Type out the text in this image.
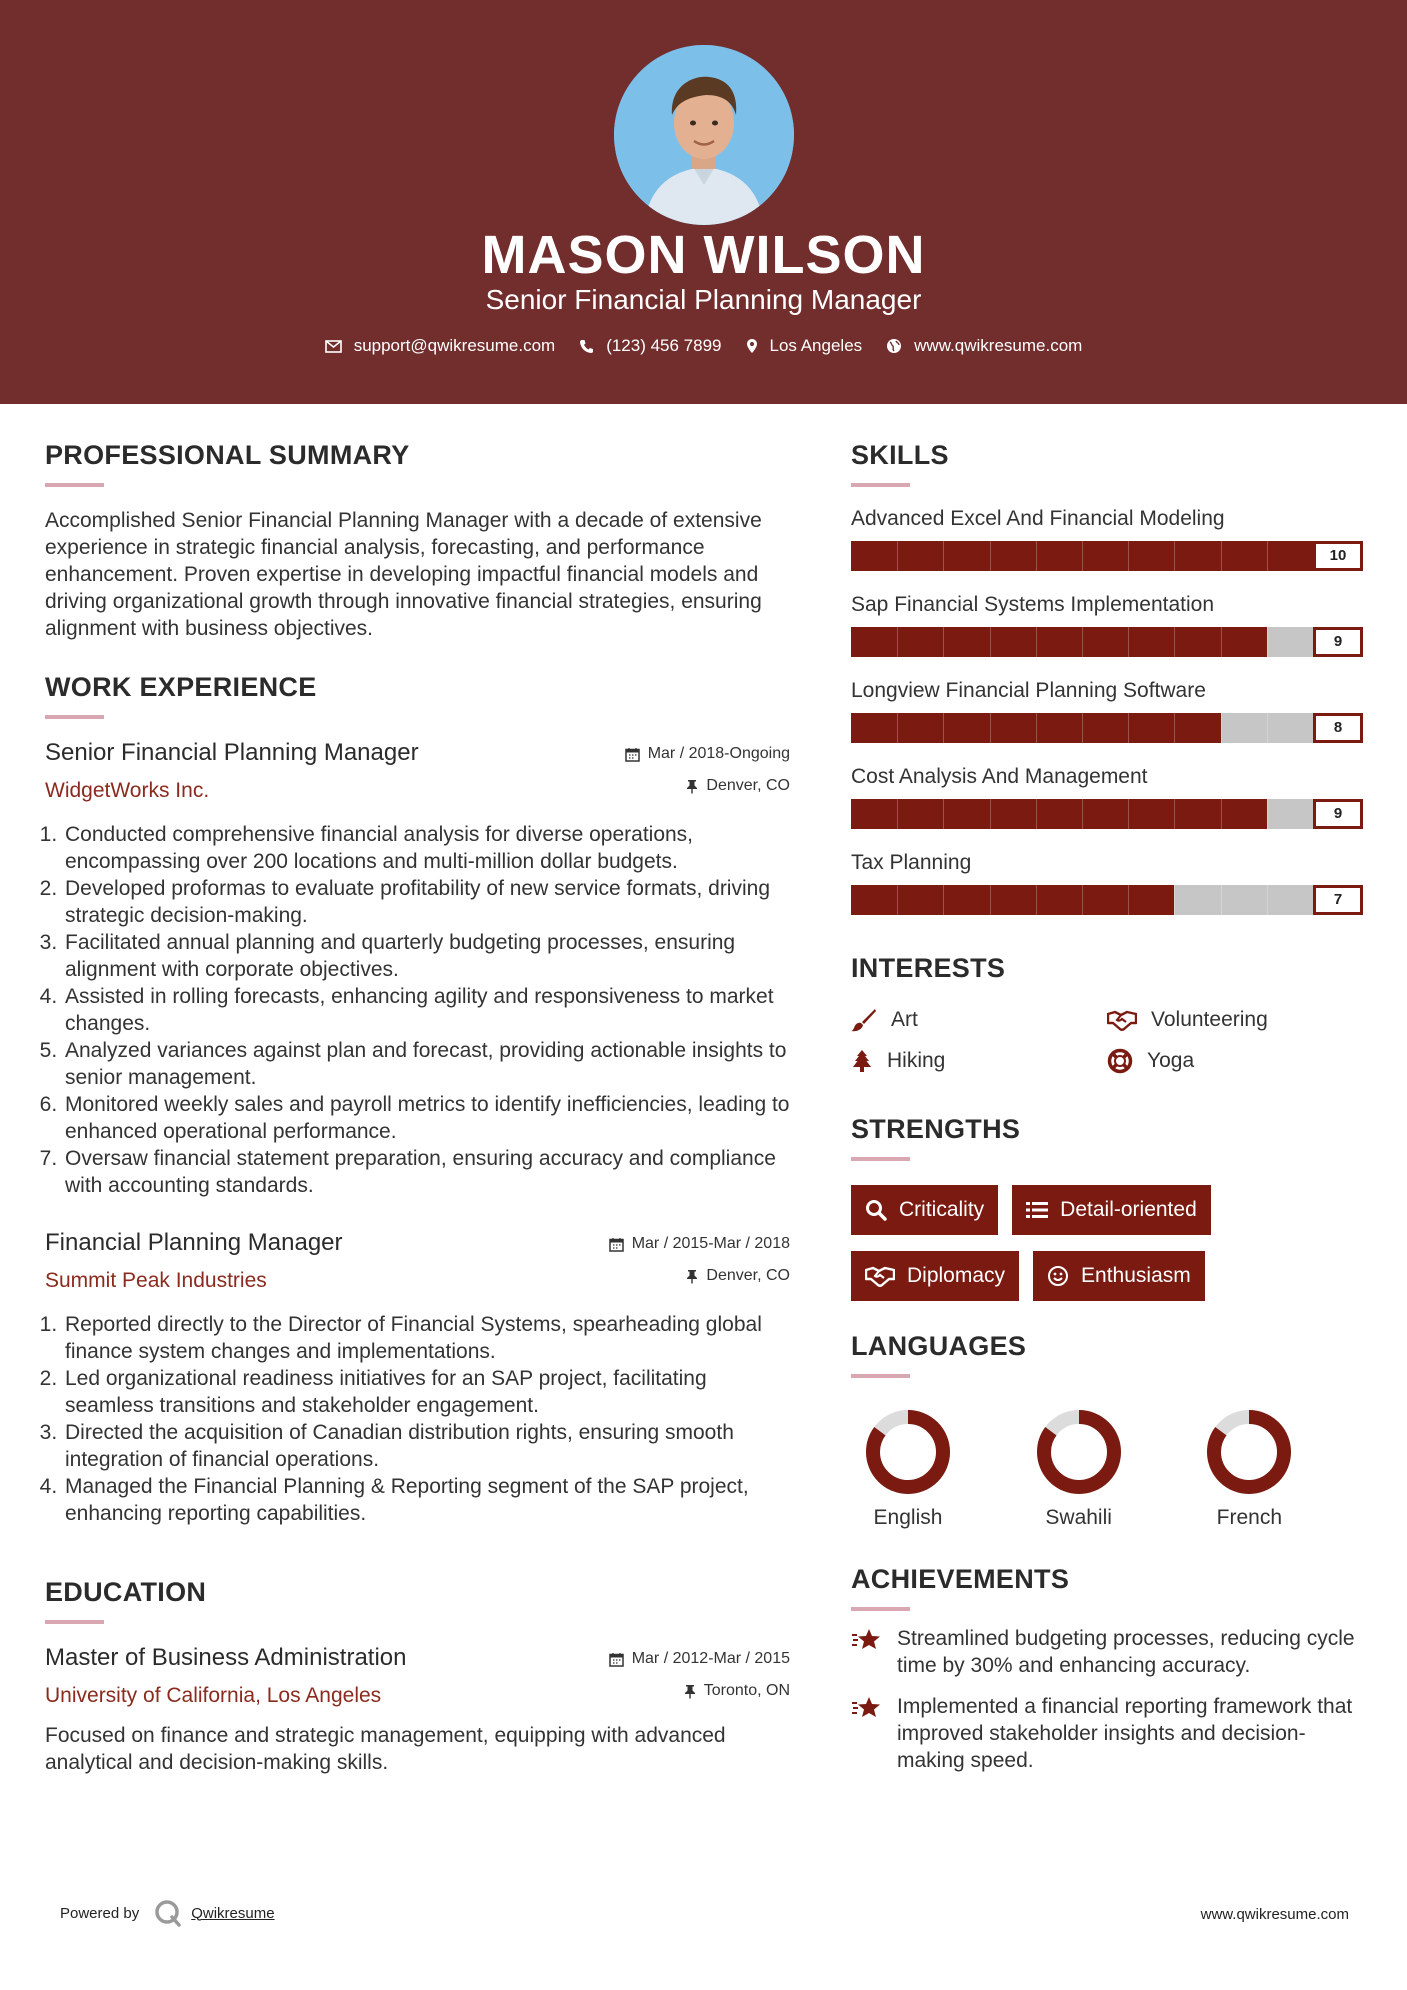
MASON WILSON
Senior Financial Planning Manager
support@qwikresume.com	(123) 456 7899	Los Angeles	www.qwikresume.com
PROFESSIONAL SUMMARY

Accomplished Senior Financial Planning Manager with a decade of extensive experience in strategic financial analysis, forecasting, and performance enhancement. Proven expertise in developing impactful financial models and driving organizational growth through innovative financial strategies, ensuring alignment with business objectives.

WORK EXPERIENCE
Senior Financial Planning Manager
WidgetWorks Inc.
Mar / 2018-Ongoing
Denver, CO
1. Conducted comprehensive financial analysis for diverse operations, encompassing over 200 locations and multi-million dollar budgets.
2. Developed proformas to evaluate profitability of new service formats, driving strategic decision-making.
3. Facilitated annual planning and quarterly budgeting processes, ensuring alignment with corporate objectives.
4. Assisted in rolling forecasts, enhancing agility and responsiveness to market changes.
5. Analyzed variances against plan and forecast, providing actionable insights to senior management.
6. Monitored weekly sales and payroll metrics to identify inefficiencies, leading to enhanced operational performance.
7. Oversaw financial statement preparation, ensuring accuracy and compliance with accounting standards.
Financial Planning Manager
Summit Peak Industries
Mar / 2015-Mar / 2018
Denver, CO
1. Reported directly to the Director of Financial Systems, spearheading global finance system changes and implementations.
2. Led organizational readiness initiatives for an SAP project, facilitating seamless transitions and stakeholder engagement.
3. Directed the acquisition of Canadian distribution rights, ensuring smooth integration of financial operations.
4. Managed the Financial Planning & Reporting segment of the SAP project, enhancing reporting capabilities.
EDUCATION
Master of Business Administration
University of California, Los Angeles
Mar / 2012-Mar / 2015
Toronto, ON

Focused on finance and strategic management, equipping with advanced analytical and decision-making skills.

SKILLS
Advanced Excel And Financial Modeling
10
Sap Financial Systems Implementation
9
Longview Financial Planning Software
8
Cost Analysis And Management
9
Tax Planning
7
INTERESTS
Art	Volunteering
Hiking	Yoga
STRENGTHS
Criticality	Detail-oriented
Diplomacy	Enthusiasm
LANGUAGES
English	Swahili	French
ACHIEVEMENTS
Streamlined budgeting processes, reducing cycle time by 30% and enhancing accuracy.
Implemented a financial reporting framework that improved stakeholder insights and decision-making speed.
Powered by	Qwikresume	www.qwikresume.com
